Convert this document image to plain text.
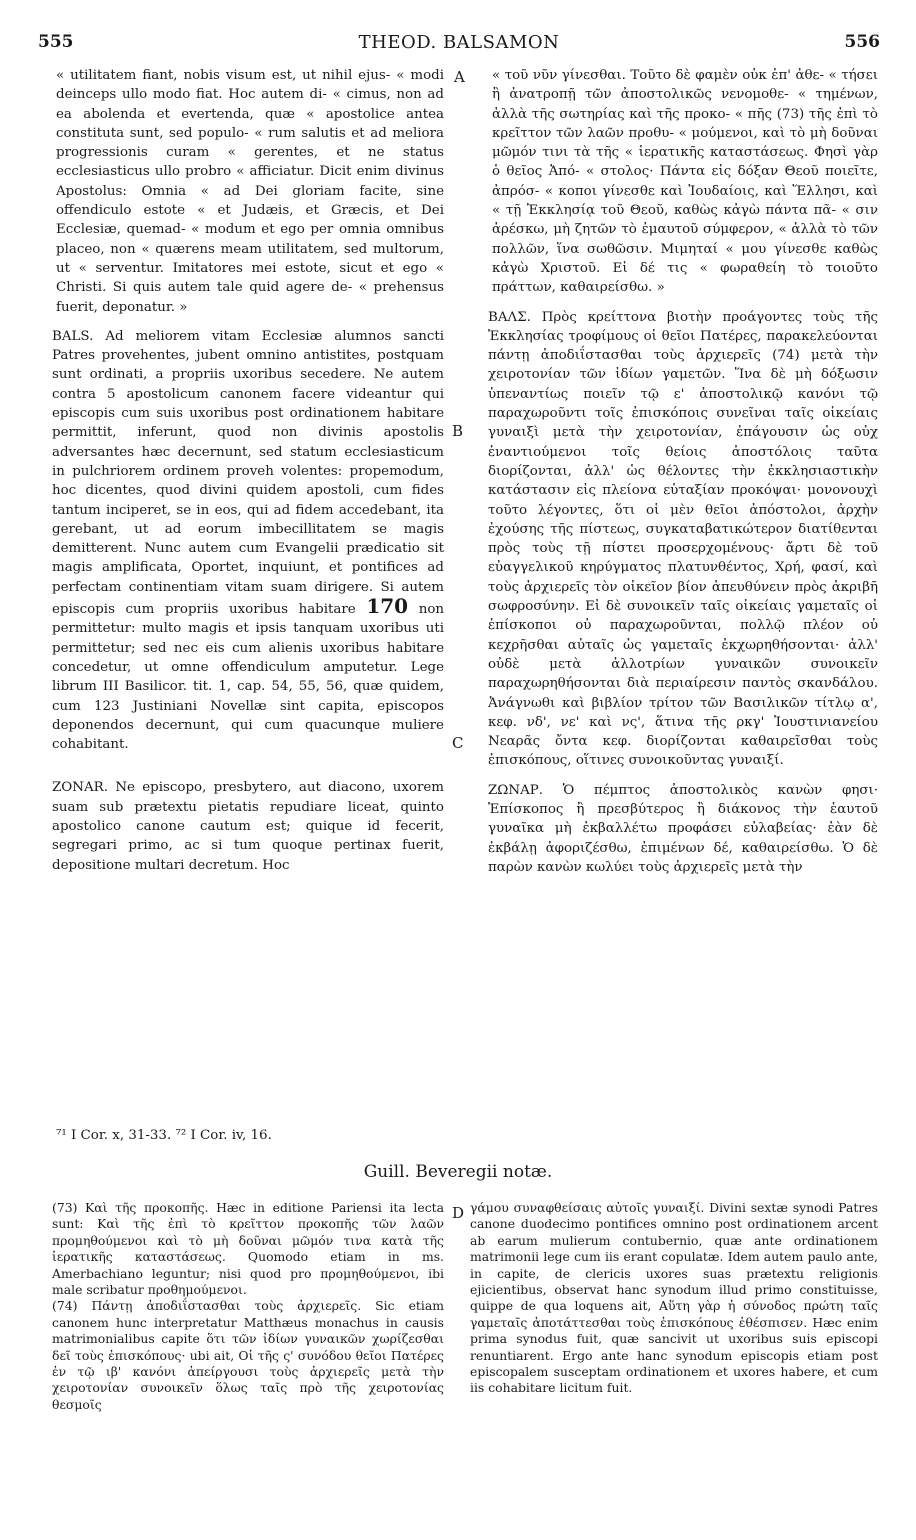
555	THEOD. BALSAMON	556
A
B
C
D

« utilitatem fiant, nobis visum est, ut nihil ejus- « modi deinceps ullo modo fiat. Hoc autem di- « cimus, non ad ea abolenda et evertenda, quæ « apostolice antea constituta sunt, sed populo- « rum salutis et ad meliora progressionis curam « gerentes, et ne status ecclesiasticus ullo probro « afficiatur. Dicit enim divinus Apostolus: Omnia « ad Dei gloriam facite, sine offendiculo estote « et Judæis, et Græcis, et Dei Ecclesiæ, quemad- « modum et ego per omnia omnibus placeo, non « quærens meam utilitatem, sed multorum, ut « serventur. Imitatores mei estote, sicut et ego « Christi. Si quis autem tale quid agere de- « prehensus fuerit, deponatur. »

BALS. Ad meliorem vitam Ecclesiæ alumnos sancti Patres provehentes, jubent omnino antistites, postquam sunt ordinati, a propriis uxoribus secedere. Ne autem contra 5 apostolicum canonem facere videantur qui episcopis cum suis uxoribus post ordinationem habitare permittit, inferunt, quod non divinis apostolis adversantes hæc decernunt, sed statum ecclesiasticum in pulchriorem ordinem proveh volentes: propemodum, hoc dicentes, quod divini quidem apostoli, cum fides tantum inciperet, se in eos, qui ad fidem accedebant, ita gerebant, ut ad eorum imbecillitatem se magis demitterent. Nunc autem cum Evangelii prædicatio sit magis amplificata, Oportet, inquiunt, et pontifices ad perfectam continentiam vitam suam dirigere. Si autem episcopis cum propriis uxoribus habitare 170 non permittetur: multo magis et ipsis tanquam uxoribus uti permittetur; sed nec eis cum alienis uxoribus habitare concedetur, ut omne offendiculum amputetur. Lege librum III Basilicor. tit. 1, cap. 54, 55, 56, quæ quidem, cum 123 Justiniani Novellæ sint capita, episcopos deponendos decernunt, qui cum quacunque muliere cohabitant.

ZONAR. Ne episcopo, presbytero, aut diacono, uxorem suam sub prætextu pietatis repudiare liceat, quinto apostolico canone cautum est; quique id fecerit, segregari primo, ac si tum quoque pertinax fuerit, depositione multari decretum. Hoc

« τοῦ νῦν γίνεσθαι. Τοῦτο δὲ φαμὲν οὐκ ἐπ' ἀθε- « τήσει ἢ ἀνατροπῇ τῶν ἀποστολικῶς νενομοθε- « τημένων, ἀλλὰ τῆς σωτηρίας καὶ τῆς προκο- « πῆς (73) τῆς ἐπὶ τὸ κρεῖττον τῶν λαῶν προθυ- « μούμενοι, καὶ τὸ μὴ δοῦναι μῶμόν τινι τὰ τῆς « ἱερατικῆς καταστάσεως. Φησὶ γὰρ ὁ θεῖος Ἀπό- « στολος· Πάντα εἰς δόξαν Θεοῦ ποιεῖτε, ἀπρόσ- « κοποι γίνεσθε καὶ Ἰουδαίοις, καὶ Ἕλλησι, καὶ « τῇ Ἐκκλησίᾳ τοῦ Θεοῦ, καθὼς κἀγὼ πάντα πᾶ- « σιν ἀρέσκω, μὴ ζητῶν τὸ ἐμαυτοῦ σύμφερον, « ἀλλὰ τὸ τῶν πολλῶν, ἵνα σωθῶσιν. Μιμηταί « μου γίνεσθε καθὼς κἀγὼ Χριστοῦ. Εἰ δέ τις « φωραθείη τὸ τοιοῦτο πράττων, καθαιρείσθω. »

ΒΑΛΣ. Πρὸς κρείττονα βιοτὴν προάγοντες τοὺς τῆς Ἐκκλησίας τροφίμους οἱ θεῖοι Πατέρες, παρακελεύονται πάντῃ ἀποδιΐστασθαι τοὺς ἀρχιερεῖς (74) μετὰ τὴν χειροτονίαν τῶν ἰδίων γαμετῶν. Ἵνα δὲ μὴ δόξωσιν ὑπεναντίως ποιεῖν τῷ ε' ἀποστολικῷ κανόνι τῷ παραχωροῦντι τοῖς ἐπισκόποις συνεῖναι ταῖς οἰκείαις γυναιξὶ μετὰ τὴν χειροτονίαν, ἐπάγουσιν ὡς οὐχ ἐναντιούμενοι τοῖς θείοις ἀποστόλοις ταῦτα διορίζονται, ἀλλ' ὡς θέλοντες τὴν ἐκκλησιαστικὴν κατάστασιν εἰς πλείονα εὐταξίαν προκόψαι· μονονουχὶ τοῦτο λέγοντες, ὅτι οἱ μὲν θεῖοι ἀπόστολοι, ἀρχὴν ἐχούσης τῆς πίστεως, συγκαταβατικώτερον διατίθενται πρὸς τοὺς τῇ πίστει προσερχομένους· ἄρτι δὲ τοῦ εὐαγγελικοῦ κηρύγματος πλατυνθέντος, Χρή, φασί, καὶ τοὺς ἀρχιερεῖς τὸν οἰκεῖον βίον ἀπευθύνειν πρὸς ἀκριβῆ σωφροσύνην. Εἰ δὲ συνοικεῖν ταῖς οἰκείαις γαμεταῖς οἱ ἐπίσκοποι οὐ παραχωροῦνται, πολλῷ πλέον οὐ κεχρῆσθαι αὐταῖς ὡς γαμεταῖς ἐκχωρηθήσονται· ἀλλ' οὐδὲ μετὰ ἀλλοτρίων γυναικῶν συνοικεῖν παραχωρηθήσονται διὰ περιαίρεσιν παντὸς σκανδάλου. Ἀνάγνωθι καὶ βιβλίον τρίτον τῶν Βασιλικῶν τίτλῳ α', κεφ. νδ', νε' καὶ νς', ἅτινα τῆς ρκγ' Ἰουστινιανείου Νεαρᾶς ὄντα κεφ. διορίζονται καθαιρεῖσθαι τοὺς ἐπισκόπους, οἵτινες συνοικοῦντας γυναιξί.

ΖΩΝΑΡ. Ὁ πέμπτος ἀποστολικὸς κανὼν φησι· Ἐπίσκοπος ἢ πρεσβύτερος ἢ διάκονος τὴν ἑαυτοῦ γυναῖκα μὴ ἐκβαλλέτω προφάσει εὐλαβείας· ἐὰν δὲ ἐκβάλῃ ἀφοριζέσθω, ἐπιμένων δέ, καθαιρείσθω. Ὁ δὲ παρὼν κανὼν κωλύει τοὺς ἀρχιερεῖς μετὰ τὴν

⁷¹ I Cor. x, 31-33. ⁷² I Cor. iv, 16.
Guill. Beveregii notæ.

(73) Καὶ τῆς προκοπῆς. Hæc in editione Pariensi ita lecta sunt: Καὶ τῆς ἐπὶ τὸ κρεῖττον προκοπῆς τῶν λαῶν προμηθούμενοι καὶ τὸ μὴ δοῦναι μῶμόν τινα κατὰ τῆς ἱερατικῆς καταστάσεως. Quomodo etiam in ms. Amerbachiano leguntur; nisi quod pro προμηθούμενοι, ibi male scribatur προθημούμενοι.

(74) Πάντῃ ἀποδιΐστασθαι τοὺς ἀρχιερεῖς. Sic etiam canonem hunc interpretatur Matthæus monachus in causis matrimonialibus capite ὅτι τῶν ἰδίων γυναικῶν χωρίζεσθαι δεῖ τοὺς ἐπισκόπους· ubi ait, Οἱ τῆς ς' συνόδου θεῖοι Πατέρες ἐν τῷ ιβ' κανόνι ἀπείργουσι τοὺς ἀρχιερεῖς μετὰ τὴν χειροτονίαν συνοικεῖν ὅλως ταῖς πρὸ τῆς χειροτονίας θεσμοῖς

γάμου συναφθείσαις αὐτοῖς γυναιξί. Divini sextæ synodi Patres canone duodecimo pontifices omnino post ordinationem arcent ab earum mulierum contubernio, quæ ante ordinationem matrimonii lege cum iis erant copulatæ. Idem autem paulo ante, in capite, de clericis uxores suas prætextu religionis ejicientibus, observat hanc synodum illud primo constituisse, quippe de qua loquens ait, Αὕτη γὰρ ἡ σύνοδος πρώτη ταῖς γαμεταῖς ἀποτάττεσθαι τοὺς ἐπισκόπους ἐθέσπισεν. Hæc enim prima synodus fuit, quæ sancivit ut uxoribus suis episcopi renuntiarent. Ergo ante hanc synodum episcopis etiam post episcopalem susceptam ordinationem et uxores habere, et cum iis cohabitare licitum fuit.
